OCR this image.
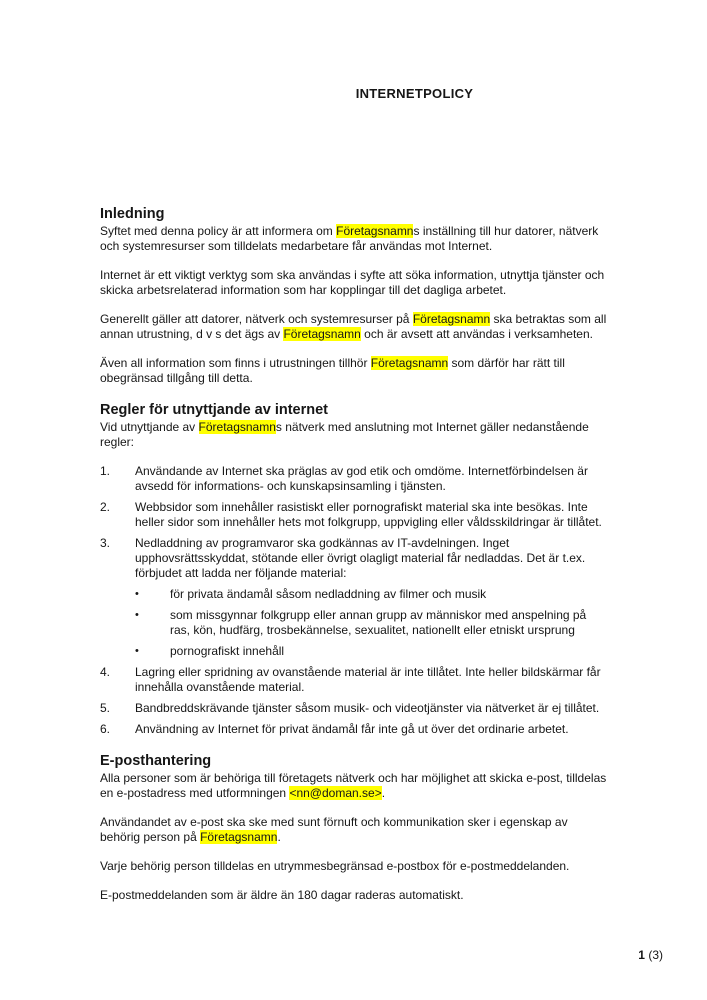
INTERNETPOLICY
Inledning

Syftet med denna policy är att informera om Företagsnamns inställning till hur datorer, nätverk och systemresurser som tilldelats medarbetare får användas mot Internet.

Internet är ett viktigt verktyg som ska användas i syfte att söka information, utnyttja tjänster och skicka arbetsrelaterad information som har kopplingar till det dagliga arbetet.

Generellt gäller att datorer, nätverk och systemresurser på Företagsnamn ska betraktas som all annan utrustning, d v s det ägs av Företagsnamn och är avsett att användas i verksamheten.

Även all information som finns i utrustningen tillhör Företagsnamn som därför har rätt till obegränsad tillgång till detta.

Regler för utnyttjande av internet

Vid utnyttjande av Företagsnamns nätverk med anslutning mot Internet gäller nedanstående regler:

1.	Användande av Internet ska präglas av god etik och omdöme. Internetförbindelsen är avsedd för informations- och kunskapsinsamling i tjänsten.
2.	Webbsidor som innehåller rasistiskt eller pornografiskt material ska inte besökas. Inte heller sidor som innehåller hets mot folkgrupp, uppvigling eller våldsskildringar är tillåtet.
3.	Nedladdning av programvaror ska godkännas av IT-avdelningen. Inget upphovsrättsskyddat, stötande eller övrigt olagligt material får nedladdas. Det är t.ex. förbjudet att ladda ner följande material:
•	för privata ändamål såsom nedladdning av filmer och musik
•	som missgynnar folkgrupp eller annan grupp av människor med anspelning på ras, kön, hudfärg, trosbekännelse, sexualitet, nationellt eller etniskt ursprung
•	pornografiskt innehåll
4.	Lagring eller spridning av ovanstående material är inte tillåtet. Inte heller bildskärmar får innehålla ovanstående material.
5.	Bandbreddskrävande tjänster såsom musik- och videotjänster via nätverket är ej tillåtet.
6.	Användning av Internet för privat ändamål får inte gå ut över det ordinarie arbetet.
E-posthantering

Alla personer som är behöriga till företagets nätverk och har möjlighet att skicka e-post, tilldelas en e-postadress med utformningen <nn@doman.se>.

Användandet av e-post ska ske med sunt förnuft och kommunikation sker i egenskap av behörig person på Företagsnamn.

Varje behörig person tilldelas en utrymmesbegränsad e-postbox för e-postmeddelanden.

E-postmeddelanden som är äldre än 180 dagar raderas automatiskt.

1 (3)
